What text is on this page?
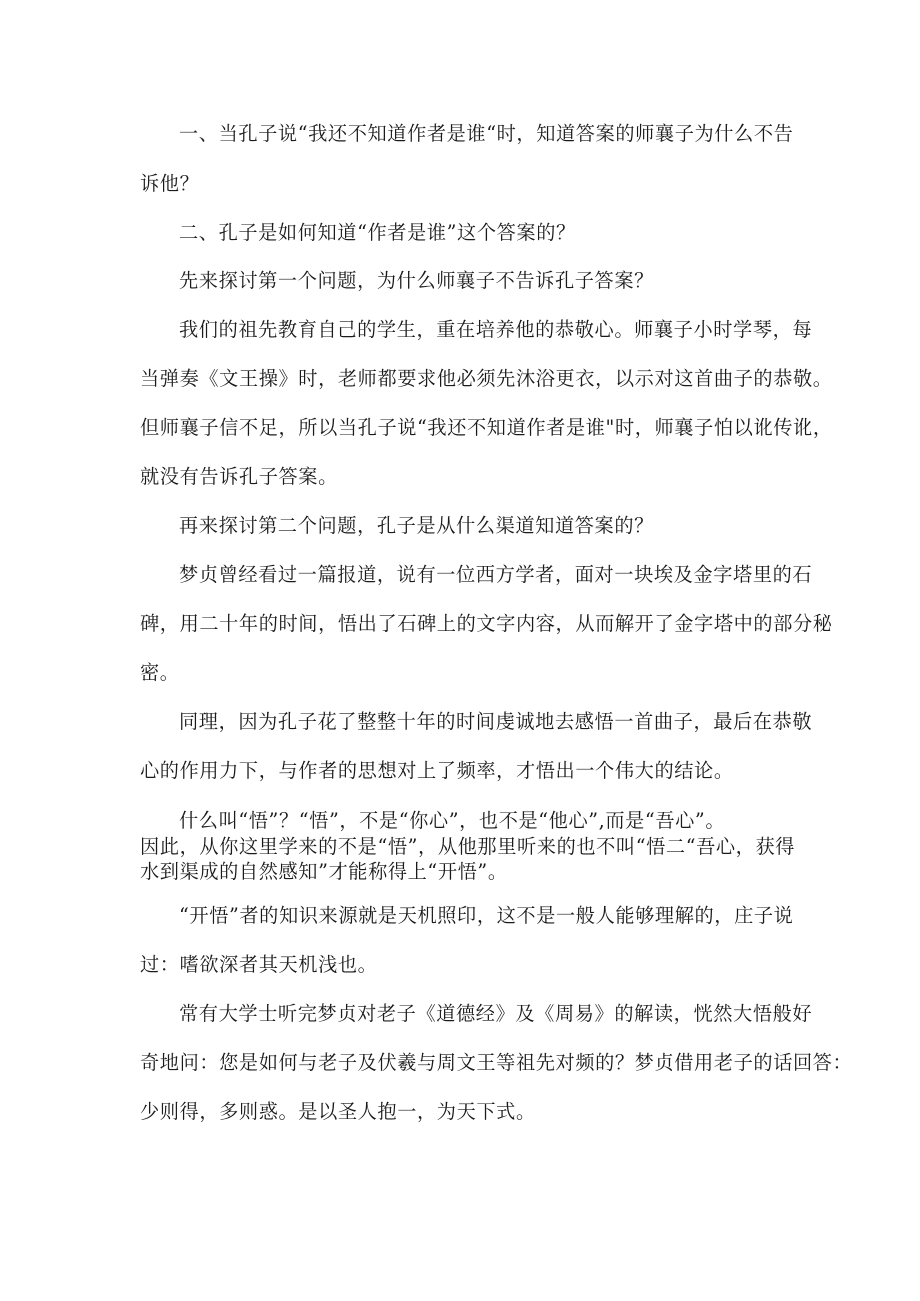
一、当孔子说“我还不知道作者是谁“时，知道答案的师襄子为什么不告

诉他？

二、孔子是如何知道“作者是谁”这个答案的？

先来探讨第一个问题，为什么师襄子不告诉孔子答案？

我们的祖先教育自己的学生，重在培养他的恭敬心。师襄子小时学琴，每

当弹奏《文王操》时，老师都要求他必须先沐浴更衣，以示对这首曲子的恭敬。

但师襄子信不足，所以当孔子说“我还不知道作者是谁"时，师襄子怕以讹传讹，

就没有告诉孔子答案。

再来探讨第二个问题，孔子是从什么渠道知道答案的？

梦贞曾经看过一篇报道，说有一位西方学者，面对一块埃及金字塔里的石

碑，用二十年的时间，悟出了石碑上的文字内容，从而解开了金字塔中的部分秘

密。

同理，因为孔子花了整整十年的时间虔诚地去感悟一首曲子，最后在恭敬

心的作用力下，与作者的思想对上了频率，才悟出一个伟大的结论。

什么叫“悟”？“悟”，不是“你心”，也不是“他心”,而是“吾心”。

因此，从你这里学来的不是“悟”，从他那里听来的也不叫“悟二“吾心，获得

水到渠成的自然感知”才能称得上“开悟”。

“开悟”者的知识来源就是天机照印，这不是一般人能够理解的，庄子说

过：嗜欲深者其天机浅也。

常有大学士听完梦贞对老子《道德经》及《周易》的解读，恍然大悟般好

奇地问：您是如何与老子及伏羲与周文王等祖先对频的？梦贞借用老子的话回答：

少则得，多则惑。是以圣人抱一，为天下式。
